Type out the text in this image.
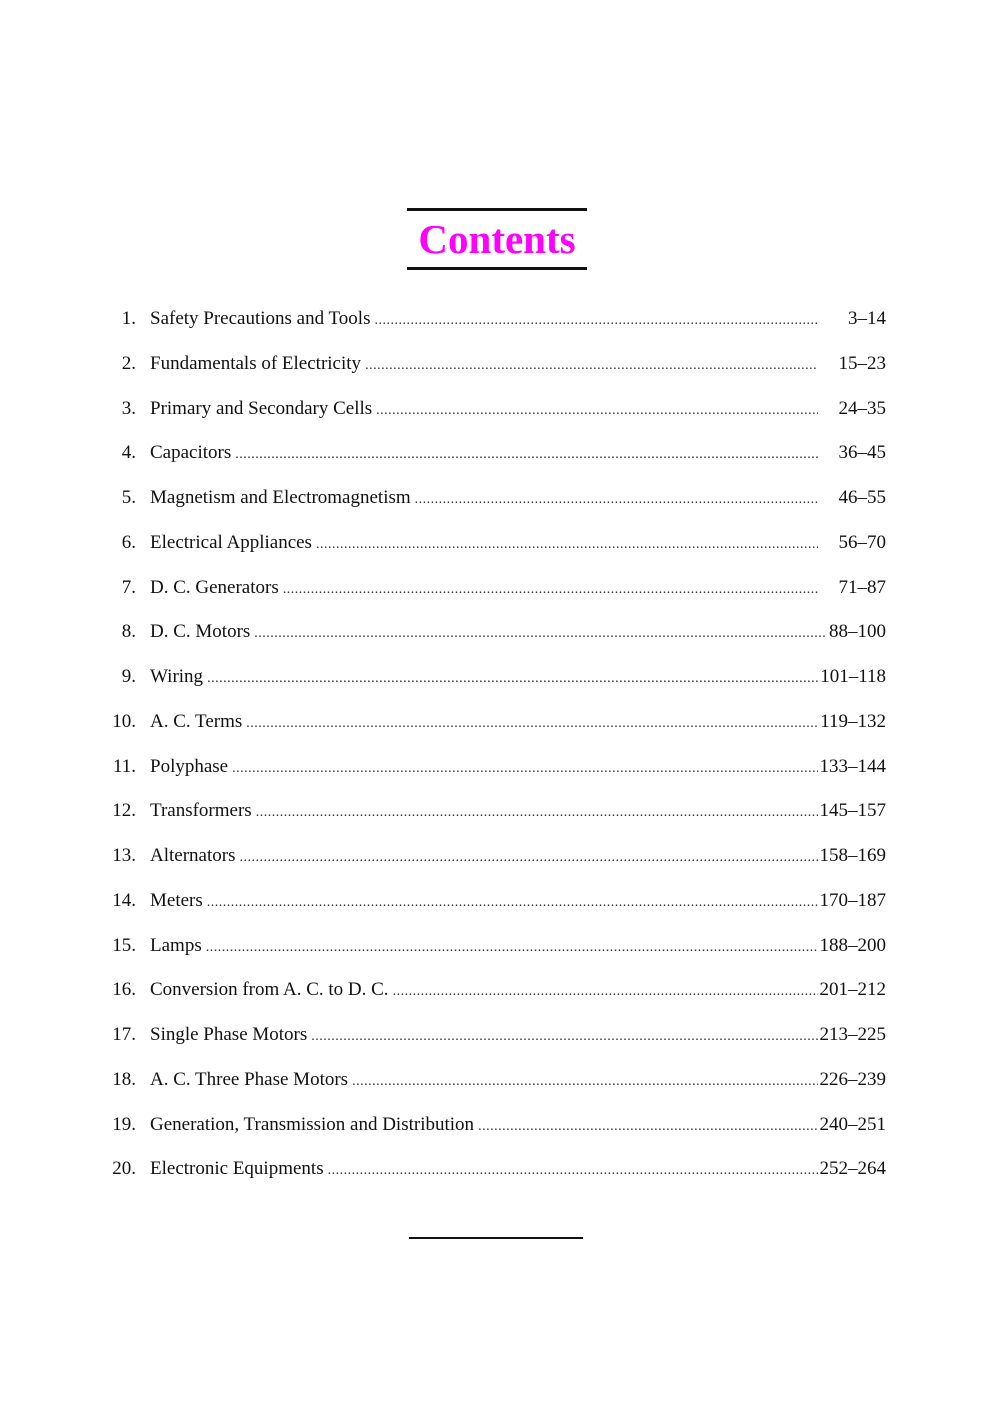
Contents
1. Safety Precautions and Tools .....	3–14
2. Fundamentals of Electricity .....	15–23
3. Primary and Secondary Cells .....	24–35
4. Capacitors .....	36–45
5. Magnetism and Electromagnetism .....	46–55
6. Electrical Appliances .....	56–70
7. D. C. Generators .....	71–87
8. D. C. Motors .....	88–100
9. Wiring .....	101–118
10. A. C. Terms .....	119–132
11. Polyphase .....	133–144
12. Transformers .....	145–157
13. Alternators .....	158–169
14. Meters .....	170–187
15. Lamps .....	188–200
16. Conversion from A. C. to D. C. .....	201–212
17. Single Phase Motors .....	213–225
18. A. C. Three Phase Motors .....	226–239
19. Generation, Transmission and Distribution .....	240–251
20. Electronic Equipments .....	252–264
